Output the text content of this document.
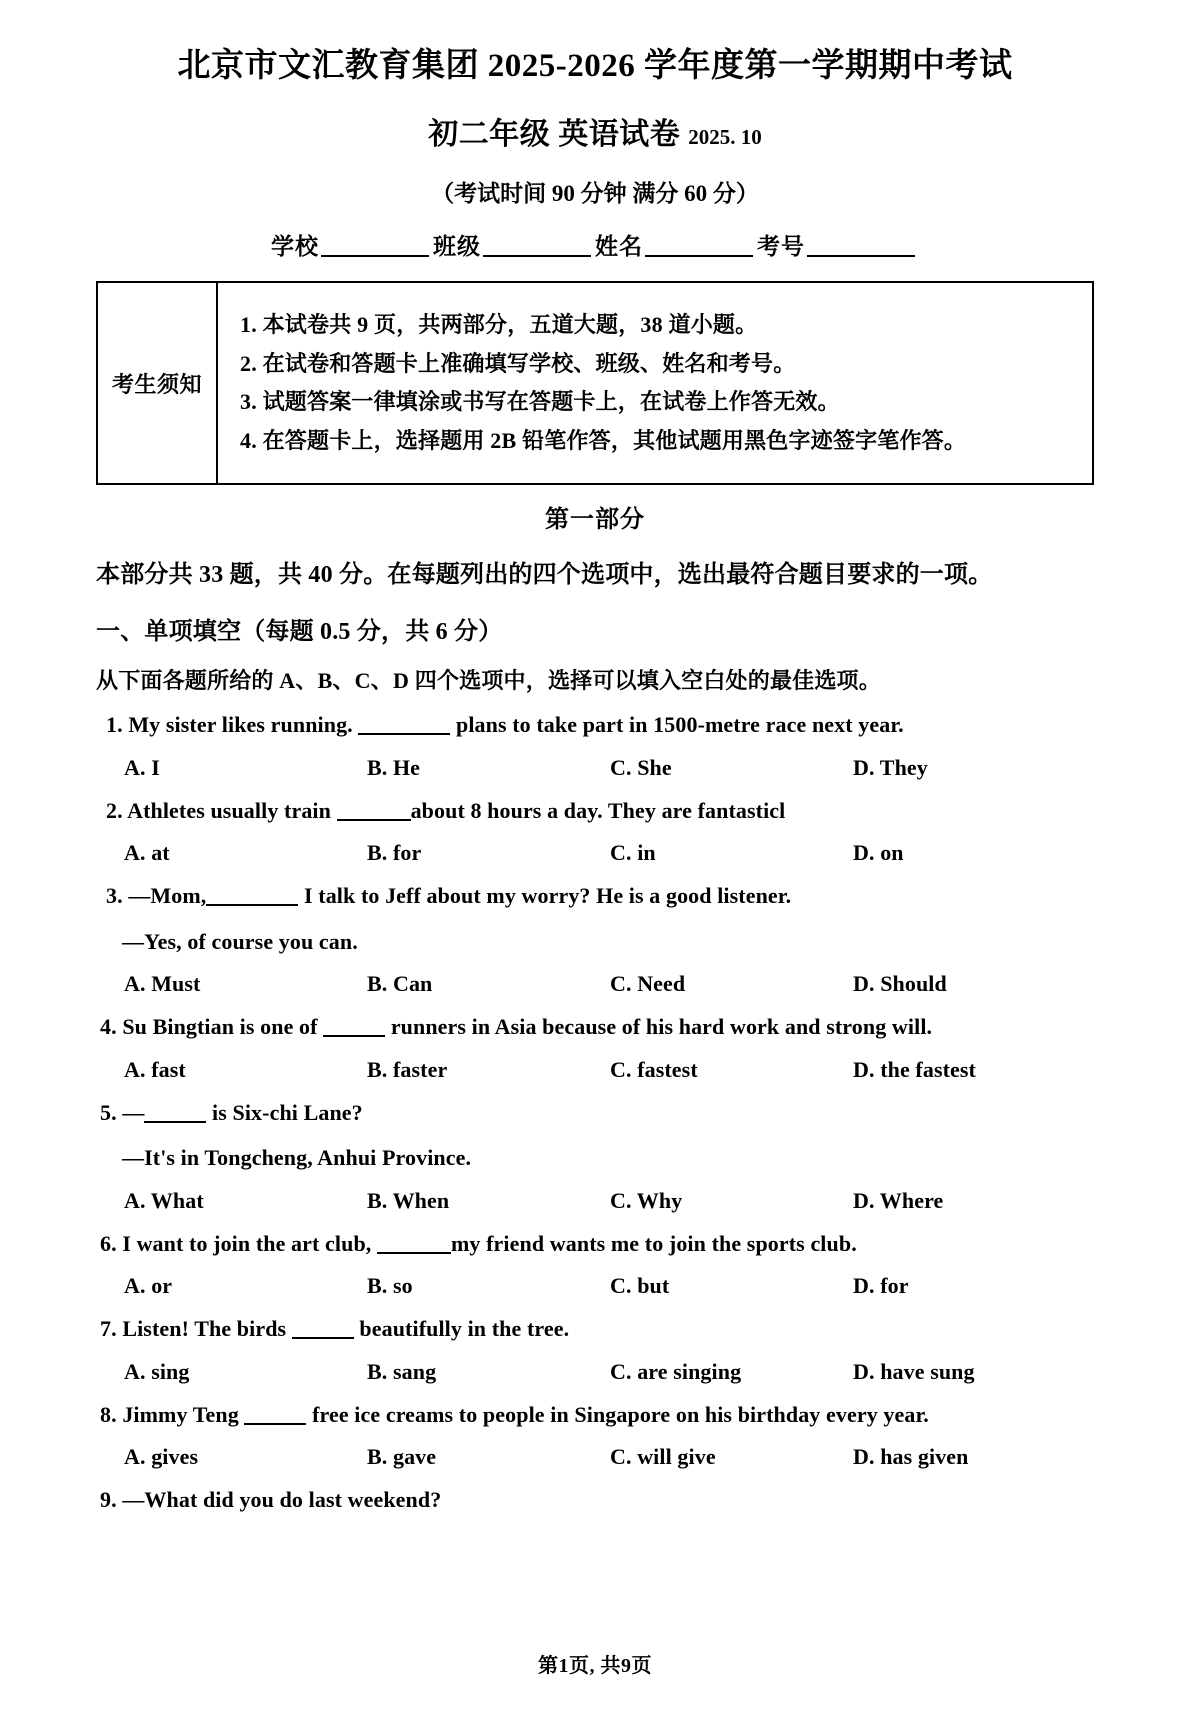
北京市文汇教育集团 2025-2026 学年度第一学期期中考试
初二年级 英语试卷 2025. 10
（考试时间 90 分钟 满分 60 分）
学校	班级	姓名	考号
考生须知
1. 本试卷共 9 页，共两部分，五道大题，38 道小题。
2. 在试卷和答题卡上准确填写学校、班级、姓名和考号。
3. 试题答案一律填涂或书写在答题卡上，在试卷上作答无效。
4. 在答题卡上，选择题用 2B 铅笔作答，其他试题用黑色字迹签字笔作答。
第一部分
本部分共 33 题，共 40 分。在每题列出的四个选项中，选出最符合题目要求的一项。
一、单项填空（每题 0.5 分，共 6 分）
从下面各题所给的 A、B、C、D 四个选项中，选择可以填入空白处的最佳选项。
1. My sister likes running.	plans to take part in 1500-metre race next year.
A. I	B. He	C. She	D. They
2. Athletes usually train	about 8 hours a day. They are fantasticl
A. at	B. for	C. in	D. on
3. —Mom,	I talk to Jeff about my worry? He is a good listener.
—Yes, of course you can.
A. Must	B. Can	C. Need	D. Should
4. Su Bingtian is one of	runners in Asia because of his hard work and strong will.
A. fast	B. faster	C. fastest	D. the fastest
5. —	is Six-chi Lane?
—It's in Tongcheng, Anhui Province.
A. What	B. When	C. Why	D. Where
6. I want to join the art club,	my friend wants me to join the sports club.
A. or	B. so	C. but	D. for
7. Listen! The birds	beautifully in the tree.
A. sing	B. sang	C. are singing	D. have sung
8. Jimmy Teng	free ice creams to people in Singapore on his birthday every year.
A. gives	B. gave	C. will give	D. has given
9. —What did you do last weekend?
第1页, 共9页
